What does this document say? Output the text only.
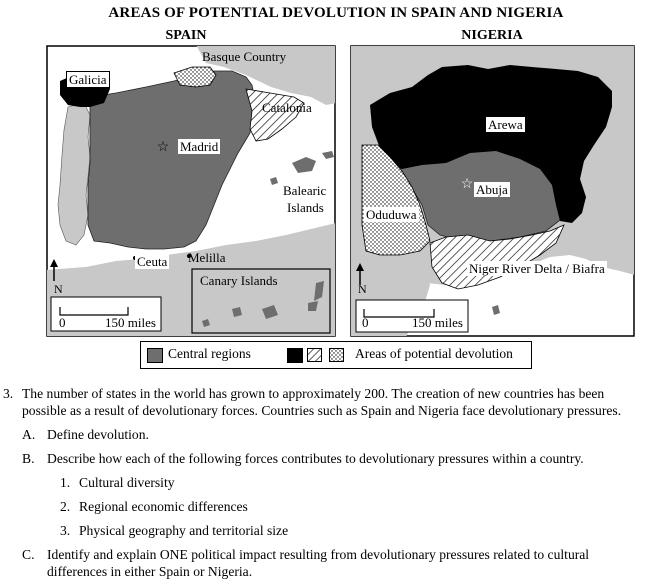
AREAS OF POTENTIAL DEVOLUTION IN SPAIN AND NIGERIA
SPAIN	NIGERIA
☆
Galicia
Basque Country
Catalonia
Madrid
Balearic
Islands
Ceuta Melilla
Canary Islands
N
0	150 miles
☆
Arewa
Abuja
Oduduwa
Niger River Delta / Biafra
N
0	150 miles
Central regions	Areas of potential devolution
3. The number of states in the world has grown to approximately 200. The creation of new countries has been
possible as a result of devolutionary forces. Countries such as Spain and Nigeria face devolutionary pressures.
A. Define devolution.
B. Describe how each of the following forces contributes to devolutionary pressures within a country.
1. Cultural diversity
2. Regional economic differences
3. Physical geography and territorial size
C. Identify and explain ONE political impact resulting from devolutionary pressures related to cultural
differences in either Spain or Nigeria.
